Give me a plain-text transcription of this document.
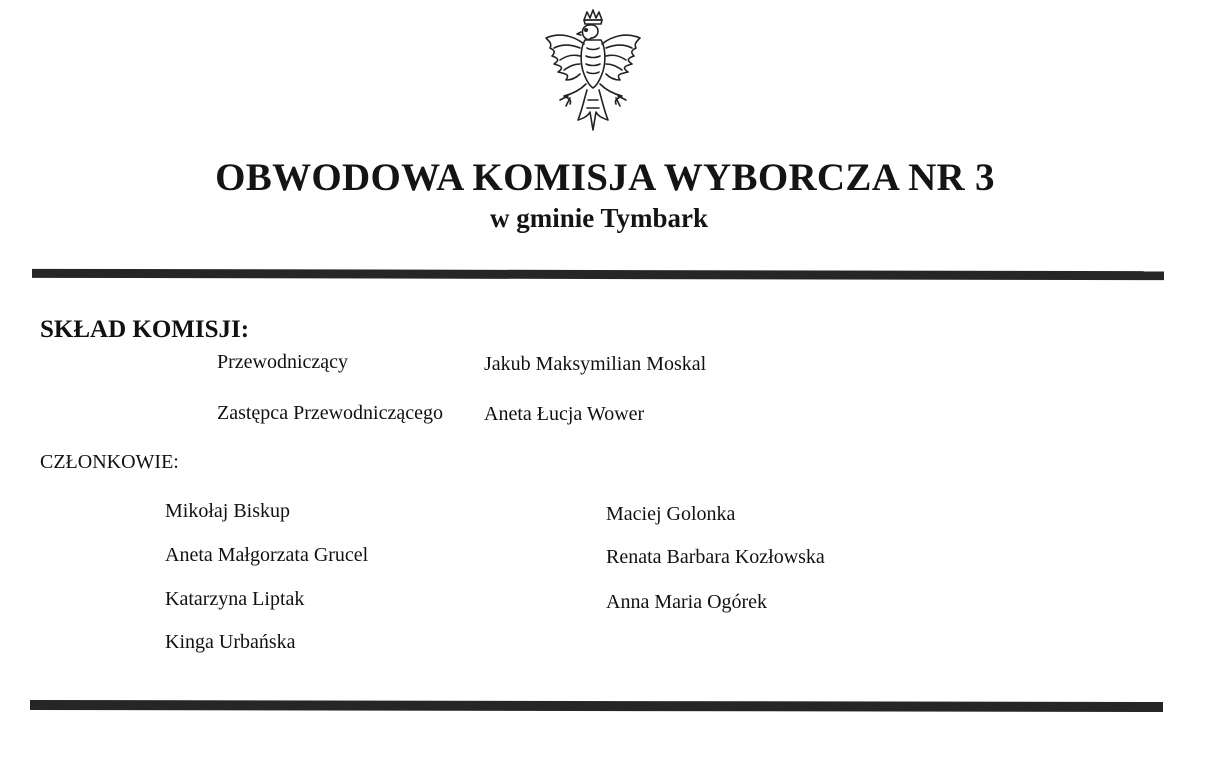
OBWODOWA KOMISJA WYBORCZA NR 3
w gminie Tymbark
SKŁAD KOMISJI:
Przewodniczący	Jakub Maksymilian Moskal
Zastępca Przewodniczącego Aneta Łucja Wower
CZŁONKOWIE:
Mikołaj Biskup
Aneta Małgorzata Grucel
Katarzyna Liptak
Kinga Urbańska
Maciej Golonka
Renata Barbara Kozłowska
Anna Maria Ogórek
